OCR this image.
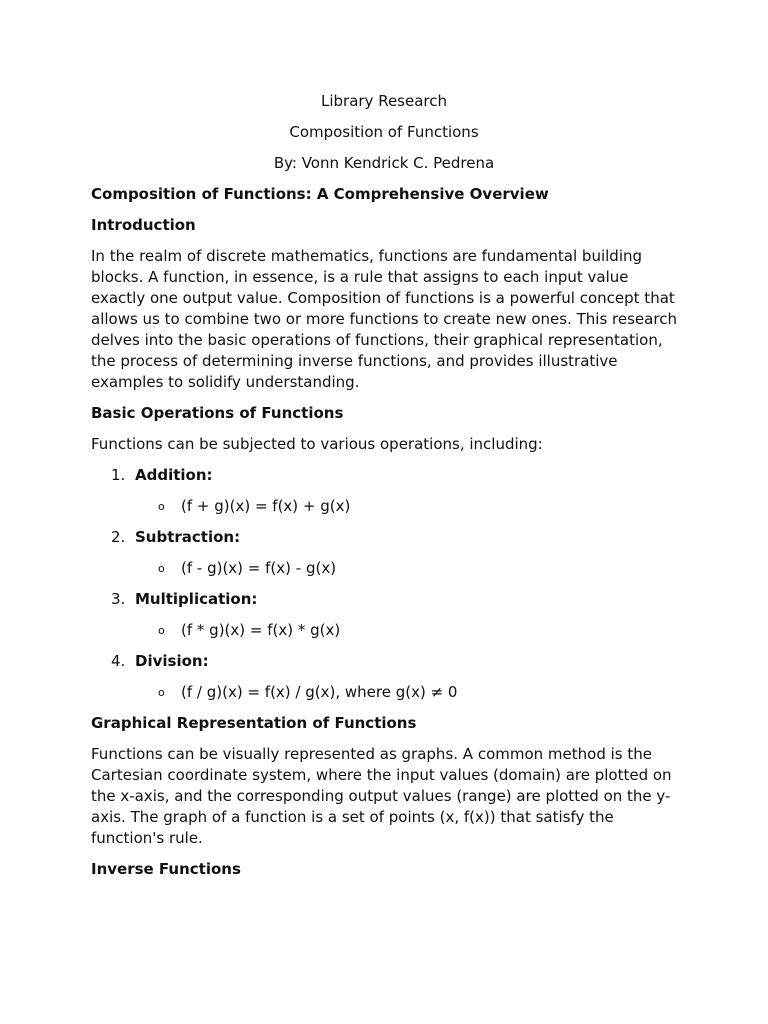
Library Research

Composition of Functions

By: Vonn Kendrick C. Pedrena

Composition of Functions: A Comprehensive Overview

Introduction

In the realm of discrete mathematics, functions are fundamental building blocks. A function, in essence, is a rule that assigns to each input value exactly one output value. Composition of functions is a powerful concept that allows us to combine two or more functions to create new ones. This research delves into the basic operations of functions, their graphical representation, the process of determining inverse functions, and provides illustrative examples to solidify understanding.

Basic Operations of Functions

Functions can be subjected to various operations, including:

1. Addition:
o	(f + g)(x) = f(x) + g(x)
2. Subtraction:
o	(f - g)(x) = f(x) - g(x)
3. Multiplication:
o	(f * g)(x) = f(x) * g(x)
4. Division:
o	(f / g)(x) = f(x) / g(x), where g(x) ≠ 0

Graphical Representation of Functions

Functions can be visually represented as graphs. A common method is the Cartesian coordinate system, where the input values (domain) are plotted on the x-axis, and the corresponding output values (range) are plotted on the y-axis. The graph of a function is a set of points (x, f(x)) that satisfy the function's rule.

Inverse Functions
